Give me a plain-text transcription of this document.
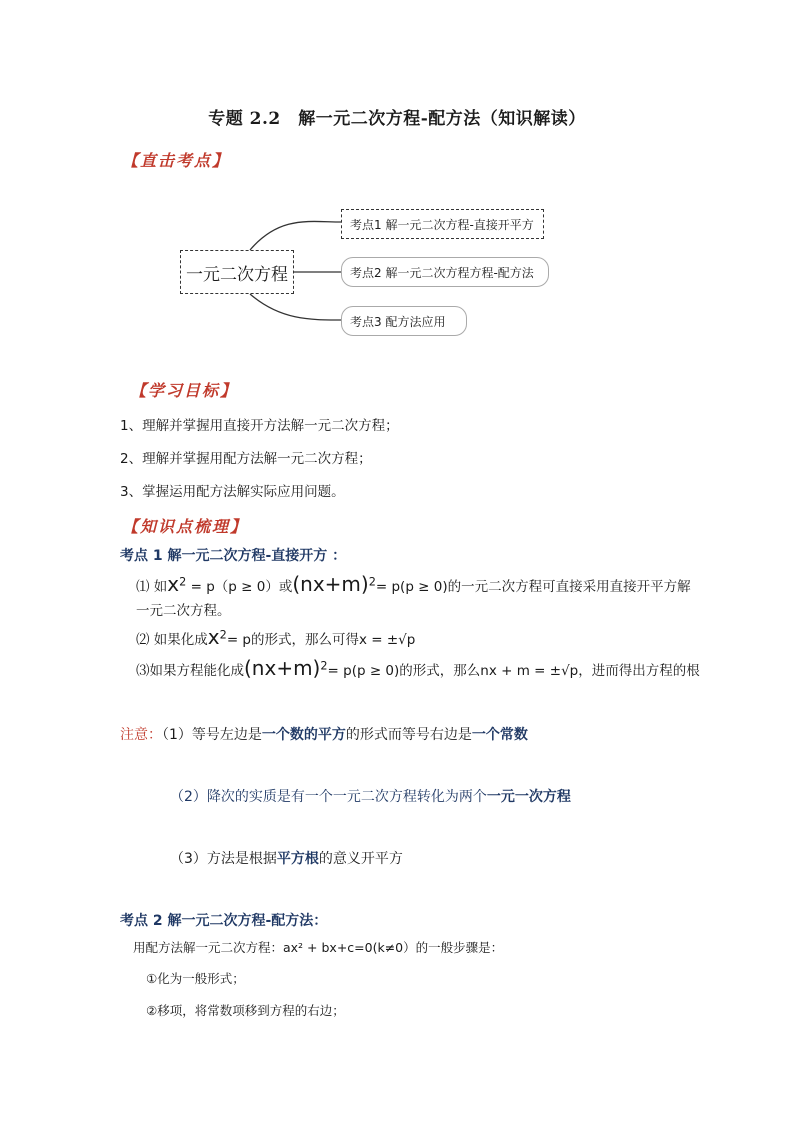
专题 2.2　解一元二次方程-配方法（知识解读）
【直击考点】
一元二次方程
考点1 解一元二次方程-直接开平方
考点2 解一元二次方程方程-配方法
考点3 配方法应用
【学习目标】
1、理解并掌握用直接开方法解一元二次方程；
2、理解并掌握用配方法解一元二次方程；
3、掌握运用配方法解实际应用问题。
【知识点梳理】
考点 1 解一元二次方程-直接开方 ：
⑴ 如$x^2 = p(p \ge 0)$或$(nx+m)^2= p(p \ge 0)$的一元二次方程可直接采用直接开平方解
一元二次方程。
⑵ 如果化成$x^2= p$的形式，那么可得x = ±√p
⑶如果方程能化成$(nx+m)^2= p(p \ge 0)$的形式，那么nx + m = ±√p，进而得出方程的根
注意：（1）等号左边是一个数的平方的形式而等号右边是一个常数
（2）降次的实质是有一个一元二次方程转化为两个一元一次方程
（3）方法是根据平方根的意义开平方
考点 2 解一元二次方程-配方法：
用配方法解一元二次方程：ax² + bx+c=0(k≠0）的一般步骤是：
①化为一般形式；
②移项，将常数项移到方程的右边；
